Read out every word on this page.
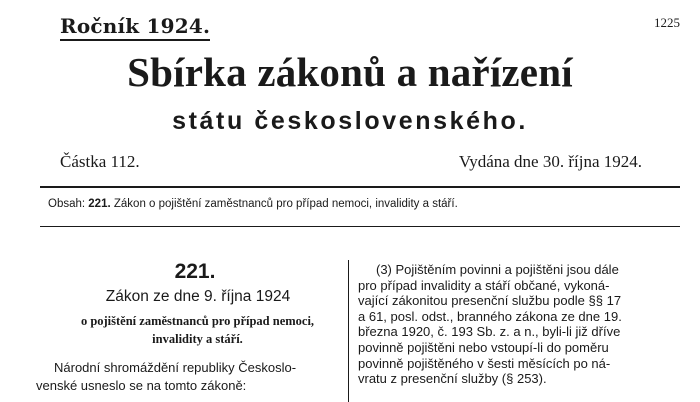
Ročník 1924.	1225
Sbírka zákonů a nařízení
státu československého.
Částka 112.	Vydána dne 30. října 1924.
Obsah: 221. Zákon o pojištění zaměstnanců pro případ nemoci, invalidity a stáří.
221.
Zákon ze dne 9. října 1924
o pojištění zaměstnanců pro případ nemoci,
invalidity a stáří.
Národní shromáždění republiky Českoslo-
venské usneslo se na tomto zákoně:
(3) Pojištěním povinni a pojištěni jsou dále
pro případ invalidity a stáří občané, vykoná-
vající zákonitou presenční službu podle §§ 17
a 61, posl. odst., branného zákona ze dne 19.
března 1920, č. 193 Sb. z. a n., byli-li již dříve
povinně pojištěni nebo vstoupí-li do poměru
povinně pojištěného v šesti měsících po ná-
vratu z presenční služby (§ 253).
